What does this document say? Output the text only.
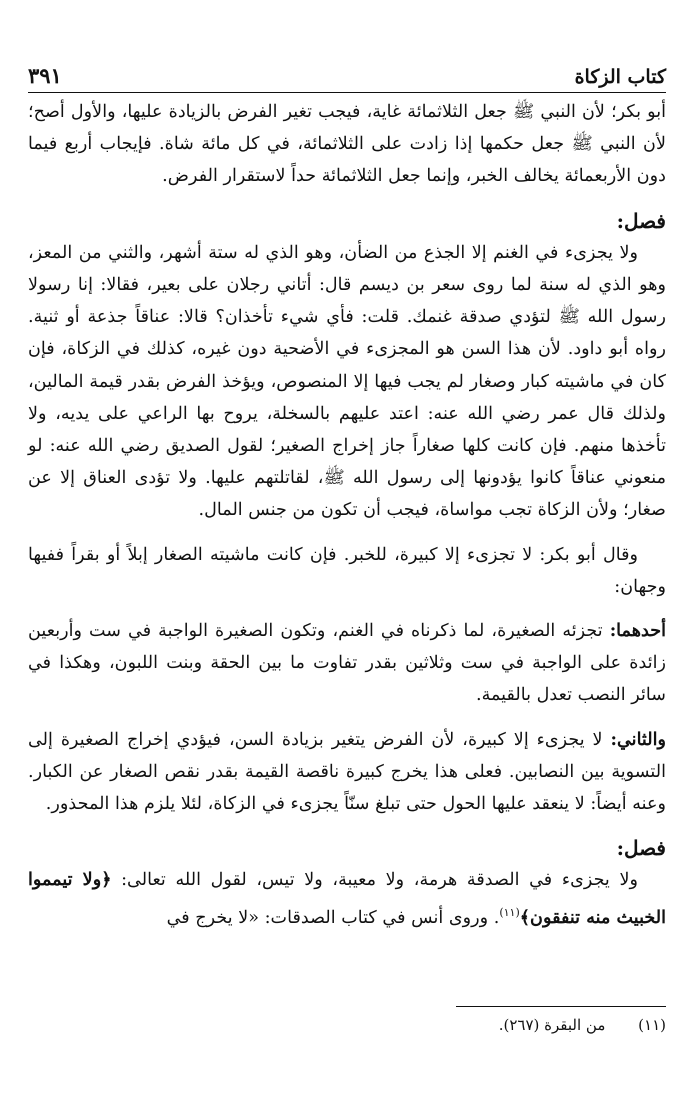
كتاب الزكاة
٣٩١

أبو بكر؛ لأن النبي ﷺ جعل الثلاثمائة غاية، فيجب تغير الفرض بالزيادة عليها، والأول أصح؛ لأن النبي ﷺ جعل حكمها إذا زادت على الثلاثمائة، في كل مائة شاة. فإيجاب أربع فيما دون الأربعمائة يخالف الخبر، وإنما جعل الثلاثمائة حداً لاستقرار الفرض.

فصل:

ولا يجزىء في الغنم إلا الجذع من الضأن، وهو الذي له ستة أشهر، والثني من المعز، وهو الذي له سنة لما روى سعر بن ديسم قال: أتاني رجلان على بعير، فقالا: إنا رسولا رسول الله ﷺ لتؤدي صدقة غنمك. قلت: فأي شيء تأخذان؟ قالا: عناقاً جذعة أو ثنية. رواه أبو داود. لأن هذا السن هو المجزىء في الأضحية دون غيره، كذلك في الزكاة، فإن كان في ماشيته كبار وصغار لم يجب فيها إلا المنصوص، ويؤخذ الفرض بقدر قيمة المالين، ولذلك قال عمر رضي الله عنه: اعتد عليهم بالسخلة، يروح بها الراعي على يديه، ولا تأخذها منهم. فإن كانت كلها صغاراً جاز إخراج الصغير؛ لقول الصديق رضي الله عنه: لو منعوني عناقاً كانوا يؤدونها إلى رسول الله ﷺ، لقاتلتهم عليها. ولا تؤدى العناق إلا عن صغار؛ ولأن الزكاة تجب مواساة، فيجب أن تكون من جنس المال.

وقال أبو بكر: لا تجزىء إلا كبيرة، للخبر. فإن كانت ماشيته الصغار إبلاً أو بقراً ففيها وجهان:

أحدهما: تجزئه الصغيرة، لما ذكرناه في الغنم، وتكون الصغيرة الواجبة في ست وأربعين زائدة على الواجبة في ست وثلاثين بقدر تفاوت ما بين الحقة وبنت اللبون، وهكذا في سائر النصب تعدل بالقيمة.

والثاني: لا يجزىء إلا كبيرة، لأن الفرض يتغير بزيادة السن، فيؤدي إخراج الصغيرة إلى التسوية بين النصابين. فعلى هذا يخرج كبيرة ناقصة القيمة بقدر نقص الصغار عن الكبار. وعنه أيضاً: لا ينعقد عليها الحول حتى تبلغ سنّاً يجزىء في الزكاة، لئلا يلزم هذا المحذور.

فصل:

ولا يجزىء في الصدقة هرمة، ولا معيبة، ولا تيس، لقول الله تعالى: ﴿ولا تيمموا الخبيث منه تنفقون﴾$^{(١١)}$. وروى أنس في كتاب الصدقات: «لا يخرج في

(١١) من البقرة (٢٦٧).
